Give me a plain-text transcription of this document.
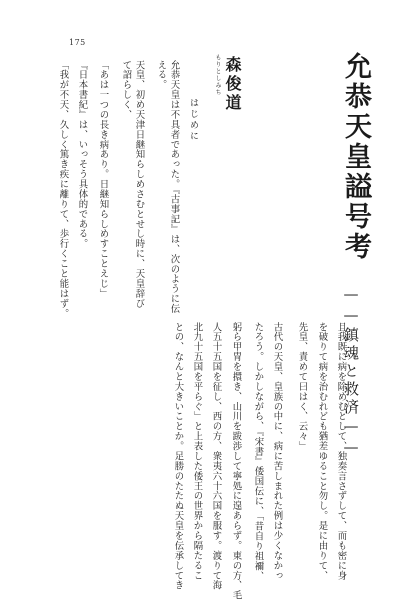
175
允恭天皇謚号考
——鎮魂と救済——
もりとしみち 森俊道
はじめに
允恭天皇は不具者であった。『古事記』は、次のように伝
える。
天皇、初め天津日継知らしめさむとせし時に、天皇辞び
て詔らしく、
「あは一つの長き病あり。日継知らしめすことえじ」
『日本書紀』は、いっそう具体的である。
「我が不天、久しく篤き疾に離りて、歩行くこと能はず。
且我既に病を除めむとして、独奏言さずして、而も密に身
を破りて病を治むれども猶差ゆること勿し。是に由りて、
先皇、責めて曰はく、云々」
古代の天皇、皇族の中に、病に苦しまれた例は少くなかっ
たろう。しかしながら、『宋書』倭国伝に、「昔自り祖禰、
躬ら甲冑を擐き、山川を跋渉して寧処に遑あらず。東の方、毛
人五十五国を征し、西の方、衆夷六十六国を服す。渡りて海
北九十五国を平らぐ」と上表した倭王の世界から隔たるこ
との、なんと大きいことか。足勝のたたぬ天皇を伝承してき
